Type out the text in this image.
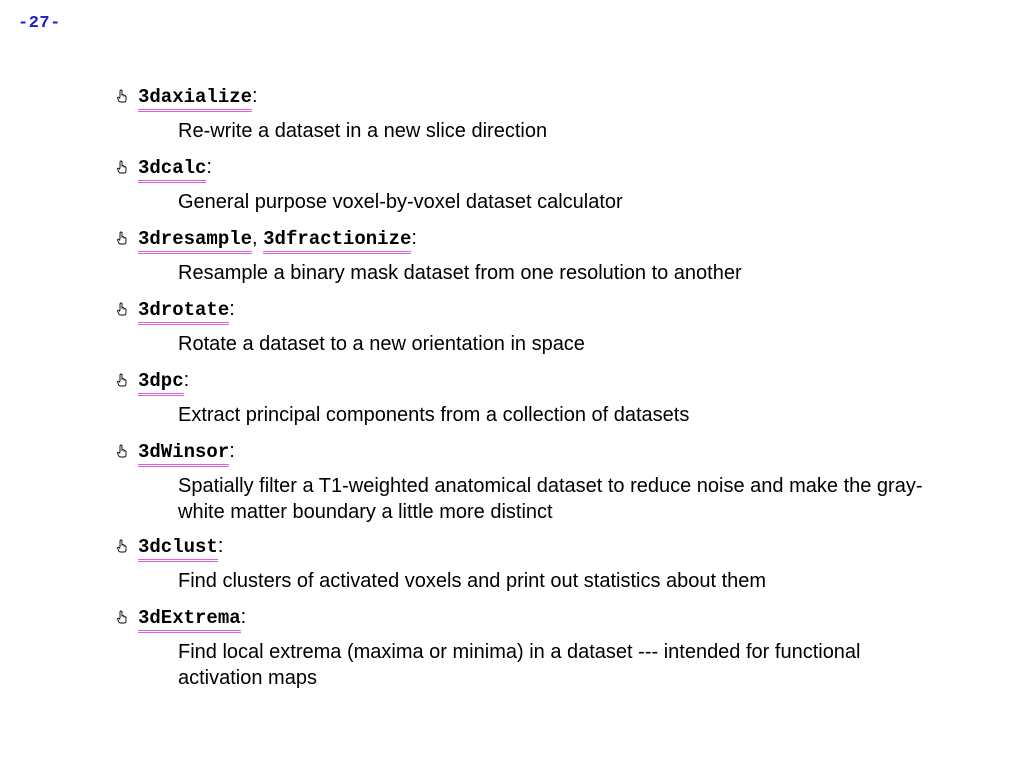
-27-
3daxialize:
Re-write a dataset in a new slice direction
3dcalc:
General purpose voxel-by-voxel dataset calculator
3dresample, 3dfractionize:
Resample a binary mask dataset from one resolution to another
3drotate:
Rotate a dataset to a new orientation in space
3dpc:
Extract principal components from a collection of datasets
3dWinsor:
Spatially filter a T1-weighted anatomical dataset to reduce noise and make the gray-white matter boundary a little more distinct
3dclust:
Find clusters of activated voxels and print out statistics about them
3dExtrema:
Find local extrema (maxima or minima) in a dataset --- intended for functional activation maps
